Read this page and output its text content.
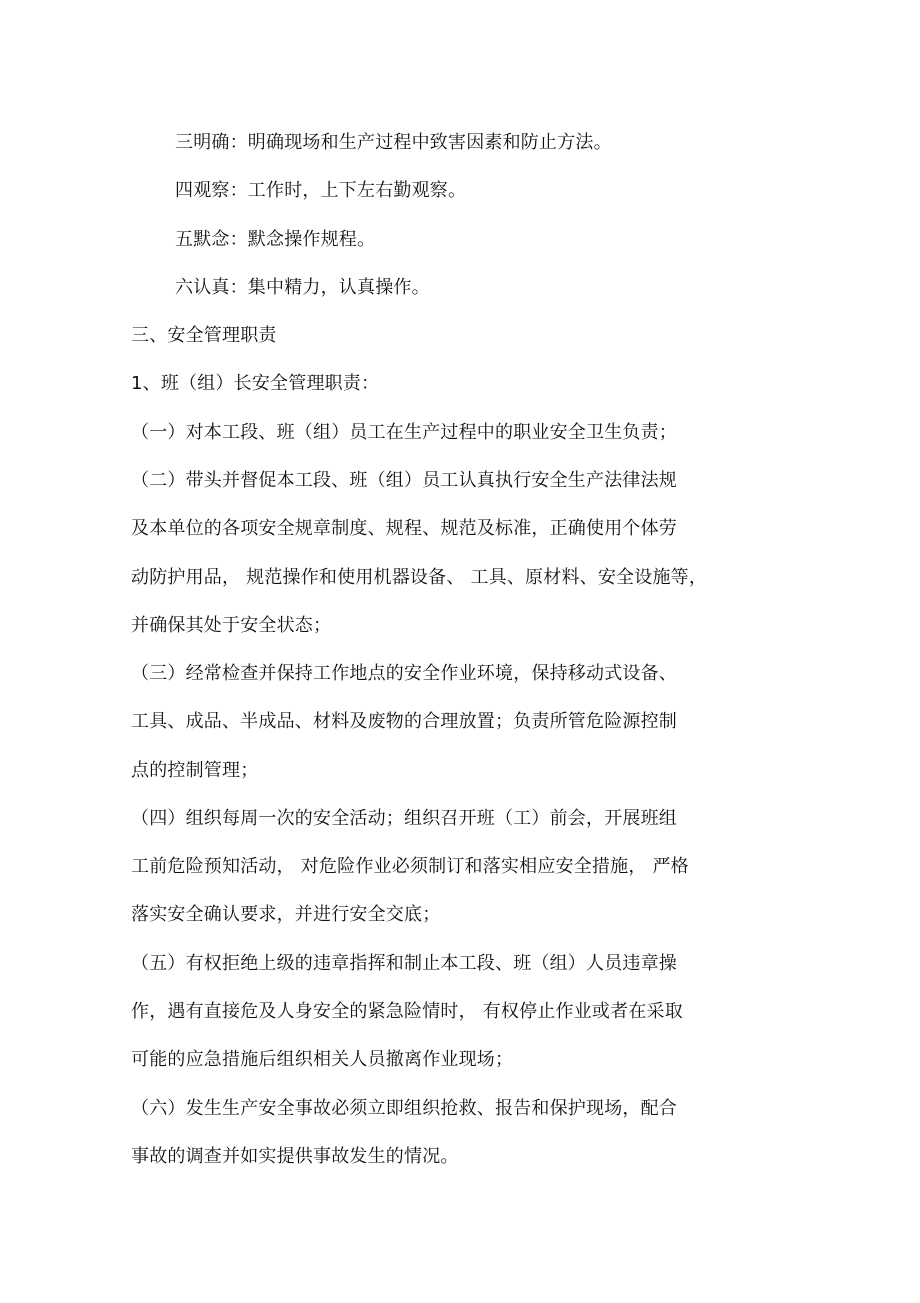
三明确：明确现场和生产过程中致害因素和防止方法。
四观察：工作时，上下左右勤观察。
五默念：默念操作规程。
六认真：集中精力，认真操作。
三、安全管理职责
1、班（组）长安全管理职责：
（一）对本工段、班（组）员工在生产过程中的职业安全卫生负责；
（二）带头并督促本工段、班（组）员工认真执行安全生产法律法规
及本单位的各项安全规章制度、规程、规范及标准，正确使用个体劳
动防护用品， 规范操作和使用机器设备、 工具、原材料、安全设施等，
并确保其处于安全状态；
（三）经常检查并保持工作地点的安全作业环境，保持移动式设备、
工具、成品、半成品、材料及废物的合理放置；负责所管危险源控制
点的控制管理；
（四）组织每周一次的安全活动；组织召开班（工）前会，开展班组
工前危险预知活动， 对危险作业必须制订和落实相应安全措施， 严格
落实安全确认要求，并进行安全交底；
（五）有权拒绝上级的违章指挥和制止本工段、班（组）人员违章操
作，遇有直接危及人身安全的紧急险情时， 有权停止作业或者在采取
可能的应急措施后组织相关人员撤离作业现场；
（六）发生生产安全事故必须立即组织抢救、报告和保护现场，配合
事故的调查并如实提供事故发生的情况。
